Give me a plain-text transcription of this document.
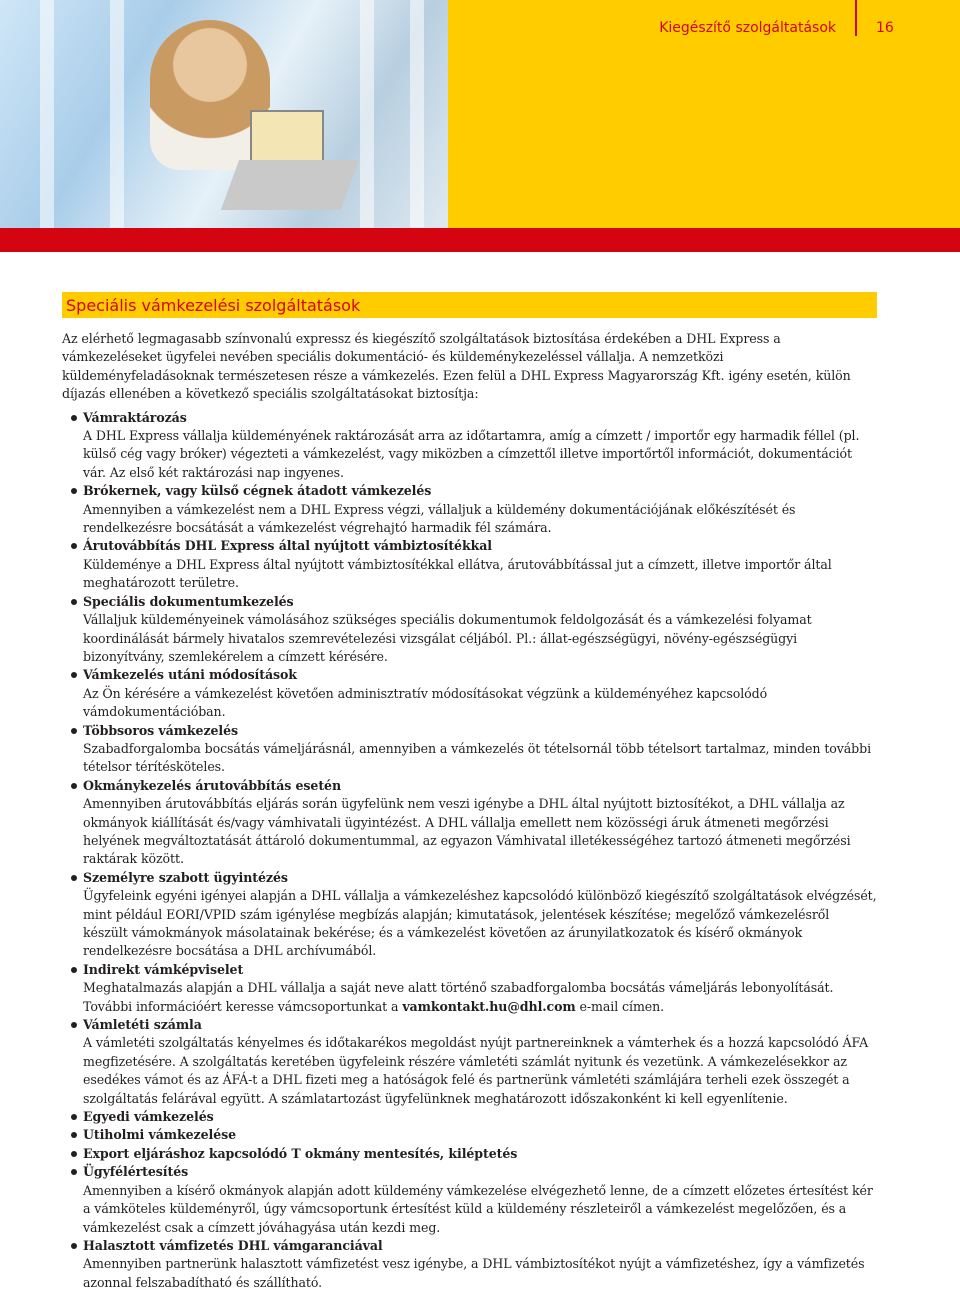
Kiegészítő szolgáltatások	16
Speciális vámkezelési szolgáltatások

Az elérhető legmagasabb színvonalú expressz és kiegészítő szolgáltatások biztosítása érdekében a DHL Express a vámkezeléseket ügyfelei nevében speciális dokumentáció- és küldeménykezeléssel vállalja. A nemzetközi küldeményfeladásoknak természetesen része a vámkezelés. Ezen felül a DHL Express Magyarország Kft. igény esetén, külön díjazás ellenében a következő speciális szolgáltatásokat biztosítja:

Vámraktározás

A DHL Express vállalja küldeményének raktározását arra az időtartamra, amíg a címzett / importőr egy harmadik féllel (pl. külső cég vagy bróker) végezteti a vámkezelést, vagy miközben a címzettől illetve importőrtől információt, dokumentációt vár. Az első két raktározási nap ingyenes.

Brókernek, vagy külső cégnek átadott vámkezelés

Amennyiben a vámkezelést nem a DHL Express végzi, vállaljuk a küldemény dokumentációjának előkészítését és rendelkezésre bocsátását a vámkezelést végrehajtó harmadik fél számára.

Árutovábbítás DHL Express által nyújtott vámbiztosítékkal

Küldeménye a DHL Express által nyújtott vámbiztosítékkal ellátva, árutovábbítással jut a címzett, illetve importőr által meghatározott területre.

Speciális dokumentumkezelés

Vállaljuk küldeményeinek vámolásához szükséges speciális dokumentumok feldolgozását és a vámkezelési folyamat koordinálását bármely hivatalos szemrevételezési vizsgálat céljából. Pl.: állat-egészségügyi, növény-egészségügyi bizonyítvány, szemlekérelem a címzett kérésére.

Vámkezelés utáni módosítások

Az Ön kérésére a vámkezelést követően adminisztratív módosításokat végzünk a küldeményéhez kapcsolódó vámdokumentációban.

Többsoros vámkezelés

Szabadforgalomba bocsátás vámeljárásnál, amennyiben a vámkezelés öt tételsornál több tételsort tartalmaz, minden további tételsor térítésköteles.

Okmánykezelés árutovábbítás esetén

Amennyiben árutovábbítás eljárás során ügyfelünk nem veszi igénybe a DHL által nyújtott biztosítékot, a DHL vállalja az okmányok kiállítását és/vagy vámhivatali ügyintézést. A DHL vállalja emellett nem közösségi áruk átmeneti megőrzési helyének megváltoztatását áttároló dokumentummal, az egyazon Vámhivatal illetékességéhez tartozó átmeneti megőrzési raktárak között.

Személyre szabott ügyintézés

Ügyfeleink egyéni igényei alapján a DHL vállalja a vámkezeléshez kapcsolódó különböző kiegészítő szolgáltatások elvégzését, mint például EORI/VPID szám igénylése megbízás alapján; kimutatások, jelentések készítése; megelőző vámkezelésről készült vámokmányok másolatainak bekérése; és a vámkezelést követően az árunyilatkozatok és kísérő okmányok rendelkezésre bocsátása a DHL archívumából.

Indirekt vámképviselet

Meghatalmazás alapján a DHL vállalja a saját neve alatt történő szabadforgalomba bocsátás vámeljárás lebonyolítását. További információért keresse vámcsoportunkat a vamkontakt.hu@dhl.com e-mail címen.

Vámletéti számla

A vámletéti szolgáltatás kényelmes és időtakarékos megoldást nyújt partnereinknek a vámterhek és a hozzá kapcsolódó ÁFA megfizetésére. A szolgáltatás keretében ügyfeleink részére vámletéti számlát nyitunk és vezetünk. A vámkezelésekkor az esedékes vámot és az ÁFÁ-t a DHL fizeti meg a hatóságok felé és partnerünk vámletéti számlájára terheli ezek összegét a szolgáltatás felárával együtt. A számlatartozást ügyfelünknek meghatározott időszakonként ki kell egyenlítenie.

Egyedi vámkezelés

Utiholmi vámkezelése

Export eljáráshoz kapcsolódó T okmány mentesítés, kiléptetés

Ügyfélértesítés

Amennyiben a kísérő okmányok alapján adott küldemény vámkezelése elvégezhető lenne, de a címzett előzetes értesítést kér a vámköteles küldeményről, úgy vámcsoportunk értesítést küld a küldemény részleteiről a vámkezelést megelőzően, és a vámkezelést csak a címzett jóváhagyása után kezdi meg.

Halasztott vámfizetés DHL vámgaranciával

Amennyiben partnerünk halasztott vámfizetést vesz igénybe, a DHL vámbiztosítékot nyújt a vámfizetéshez, így a vámfizetés azonnal felszabadítható és szállítható.
